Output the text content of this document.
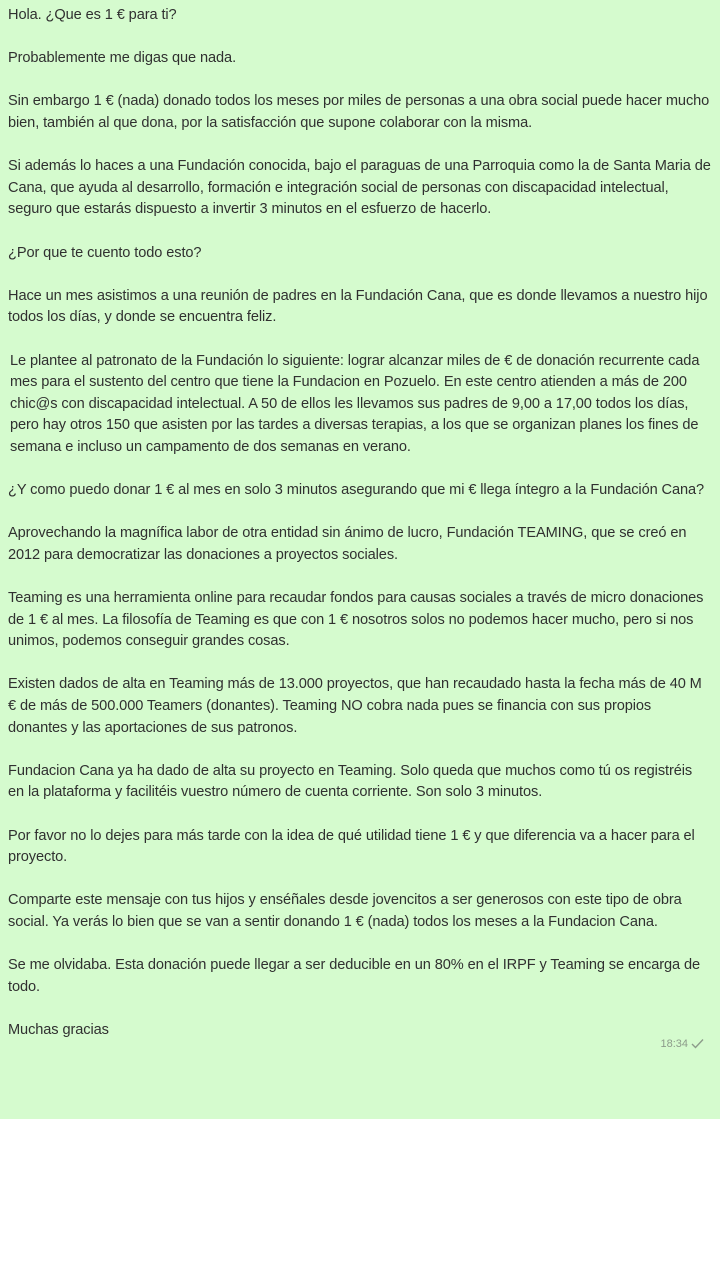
Hola. ¿Que es 1 € para ti?

Probablemente me digas que nada.

Sin embargo 1 € (nada) donado todos los meses por miles de personas a una obra social puede hacer mucho bien, también al que dona, por la satisfacción que supone colaborar con la misma.

Si además lo haces a una Fundación conocida, bajo el paraguas de una Parroquia como la de Santa Maria de Cana, que ayuda al desarrollo, formación e integración social de personas con discapacidad intelectual, seguro que estarás dispuesto a invertir 3 minutos en el esfuerzo de hacerlo.

¿Por que te cuento todo esto?

Hace un mes asistimos a una reunión de padres en la Fundación Cana, que es donde llevamos a nuestro hijo todos los días, y donde se encuentra feliz.

Le plantee al patronato de la Fundación lo siguiente: lograr alcanzar miles de € de donación recurrente cada mes para el sustento del centro que tiene la Fundacion en Pozuelo. En este centro atienden a más de 200 chic@s con discapacidad intelectual. A 50 de ellos les llevamos sus padres de 9,00 a 17,00 todos los días, pero hay otros 150 que asisten por las tardes a diversas terapias, a los que se organizan planes los fines de semana e incluso un campamento de dos semanas en verano.

¿Y como puedo donar 1 € al mes en solo 3 minutos asegurando que mi € llega íntegro a la Fundación Cana?

Aprovechando la magnífica labor de otra entidad sin ánimo de lucro, Fundación TEAMING, que se creó en 2012 para democratizar las donaciones a proyectos sociales.

Teaming es una herramienta online para recaudar fondos para causas sociales a través de micro donaciones de 1 € al mes. La filosofía de Teaming es que con 1 € nosotros solos no podemos hacer mucho, pero si nos unimos, podemos conseguir grandes cosas.

Existen dados de alta en Teaming más de 13.000 proyectos, que han recaudado hasta la fecha más de 40 M € de más de 500.000 Teamers (donantes). Teaming NO cobra nada pues se financia con sus propios donantes y las aportaciones de sus patronos.

Fundacion Cana ya ha dado de alta su proyecto en Teaming. Solo queda que muchos como tú os registréis en la plataforma y facilitéis vuestro número de cuenta corriente. Son solo 3 minutos.

Por favor no lo dejes para más tarde con la idea de qué utilidad tiene 1 € y que diferencia va a hacer para el proyecto.

Comparte este mensaje con tus hijos y enséñales desde jovencitos a ser generosos con este tipo de obra social. Ya verás lo bien que se van a sentir donando 1 € (nada) todos los meses a la Fundacion Cana.

Se me olvidaba. Esta donación puede llegar a ser deducible en un 80% en el IRPF y Teaming se encarga de todo.

Muchas gracias

18:34
